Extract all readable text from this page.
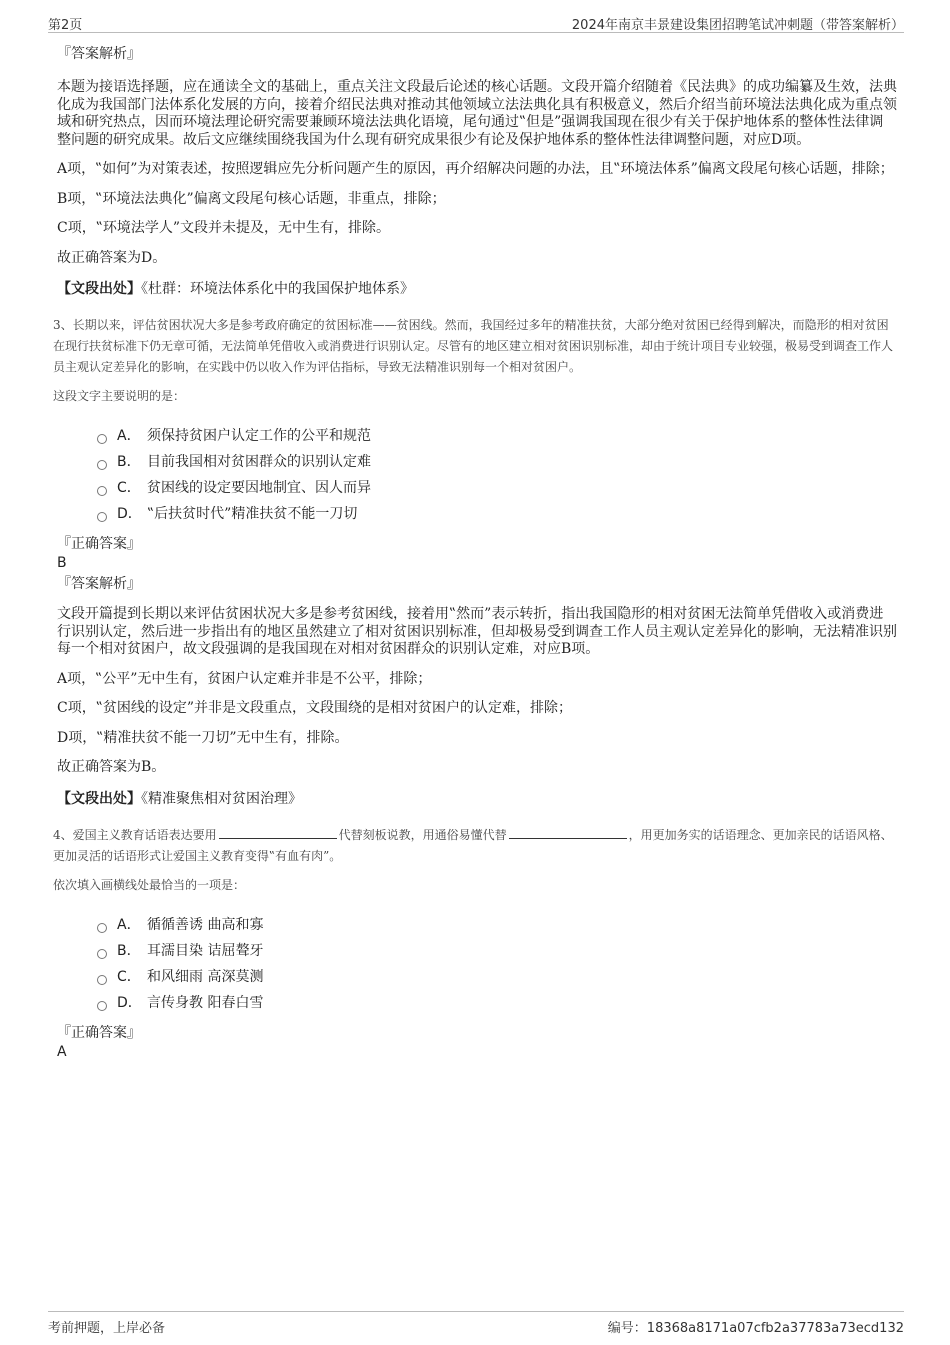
第2页	2024年南京丰景建设集团招聘笔试冲刺题（带答案解析）
『答案解析』

本题为接语选择题，应在通读全文的基础上，重点关注文段最后论述的核心话题。文段开篇介绍随着《民法典》的成功编纂及生效，法典化成为我国部门法体系化发展的方向，接着介绍民法典对推动其他领域立法法典化具有积极意义，然后介绍当前环境法法典化成为重点领域和研究热点，因而环境法理论研究需要兼顾环境法法典化语境，尾句通过‟但是”强调我国现在很少有关于保护地体系的整体性法律调整问题的研究成果。故后文应继续围绕我国为什么现有研究成果很少有论及保护地体系的整体性法律调整问题，对应D项。

A项，‟如何”为对策表述，按照逻辑应先分析问题产生的原因，再介绍解决问题的办法，且‟环境法体系”偏离文段尾句核心话题，排除；

B项，‟环境法法典化”偏离文段尾句核心话题，非重点，排除；

C项，‟环境法学人”文段并未提及，无中生有，排除。

故正确答案为D。

【文段出处】《杜群：环境法体系化中的我国保护地体系》
3、长期以来，评估贫困状况大多是参考政府确定的贫困标准——贫困线。然而，我国经过多年的精准扶贫，大部分绝对贫困已经得到解决，而隐形的相对贫困在现行扶贫标准下仍无章可循，无法简单凭借收入或消费进行识别认定。尽管有的地区建立相对贫困识别标准，却由于统计项目专业较强，极易受到调查工作人员主观认定差异化的影响，在实践中仍以收入作为评估指标，导致无法精准识别每一个相对贫困户。
这段文字主要说明的是：
A． 须保持贫困户认定工作的公平和规范
B． 目前我国相对贫困群众的识别认定难
C． 贫困线的设定要因地制宜、因人而异
D． ‟后扶贫时代”精准扶贫不能一刀切
『正确答案』
B
『答案解析』

文段开篇提到长期以来评估贫困状况大多是参考贫困线，接着用‟然而”表示转折，指出我国隐形的相对贫困无法简单凭借收入或消费进行识别认定，然后进一步指出有的地区虽然建立了相对贫困识别标准，但却极易受到调查工作人员主观认定差异化的影响，无法精准识别每一个相对贫困户，故文段强调的是我国现在对相对贫困群众的识别认定难，对应B项。

A项，‟公平”无中生有，贫困户认定难并非是不公平，排除；

C项，‟贫困线的设定”并非是文段重点，文段围绕的是相对贫困户的认定难，排除；

D项，‟精准扶贫不能一刀切”无中生有，排除。

故正确答案为B。

【文段出处】《精准聚焦相对贫困治理》
4、爱国主义教育话语表达要用	代替刻板说教，用通俗易懂代替	，用更加务实的话语理念、更加亲民的话语风格、更加灵活的话语形式让爱国主义教育变得‟有血有肉”。
依次填入画横线处最恰当的一项是：
A． 循循善诱 曲高和寡
B． 耳濡目染 诘屈聱牙
C． 和风细雨 高深莫测
D． 言传身教 阳春白雪
『正确答案』
A
考前押题，上岸必备	编号：18368a8171a07cfb2a37783a73ecd132
